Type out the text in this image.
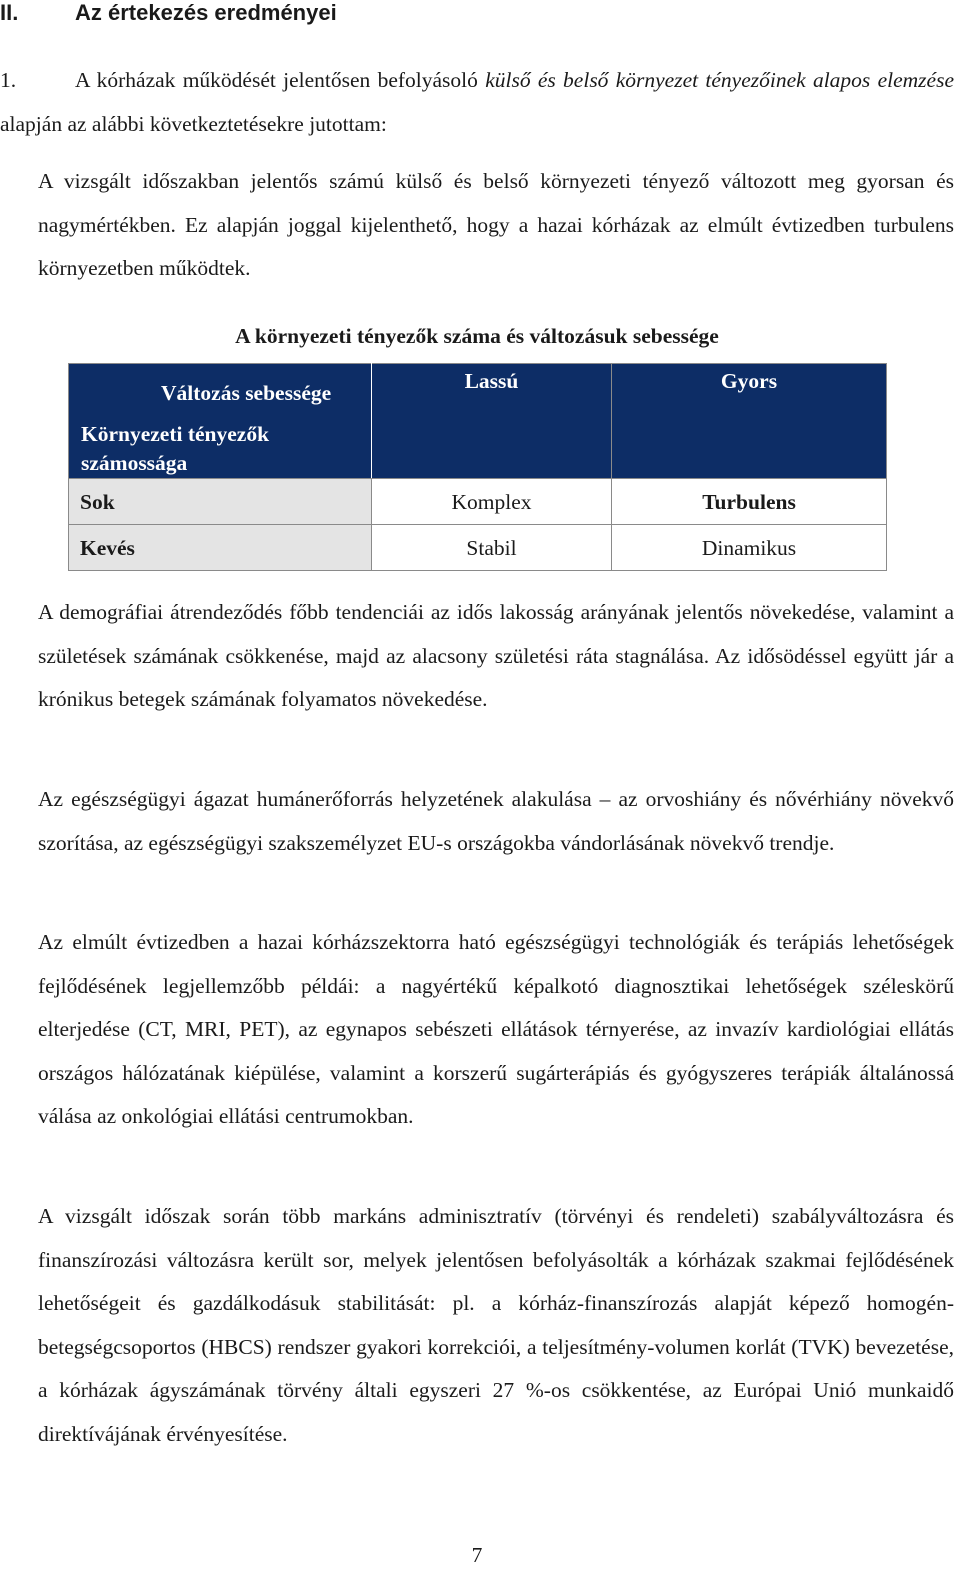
II.	Az értekezés eredményei

1.	A kórházak működését jelentősen befolyásoló külső és belső környezet tényezőinek alapos elemzése alapján az alábbi következtetésekre jutottam:

A vizsgált időszakban jelentős számú külső és belső környezeti tényező változott meg gyorsan és nagymértékben. Ez alapján joggal kijelenthető, hogy a hazai kórházak az elmúlt évtizedben turbulens környezetben működtek.

A környezeti tényezők száma és változásuk sebessége
Változás sebessége
Környezeti tényezők számossága	Lassú	Gyors
Sok	Komplex	Turbulens
Kevés	Stabil	Dinamikus

A demográfiai átrendeződés főbb tendenciái az idős lakosság arányának jelentős növekedése, valamint a születések számának csökkenése, majd az alacsony születési ráta stagnálása. Az idősödéssel együtt jár a krónikus betegek számának folyamatos növekedése.

Az egészségügyi ágazat humánerőforrás helyzetének alakulása – az orvoshiány és nővérhiány növekvő szorítása, az egészségügyi szakszemélyzet EU-s országokba vándorlásának növekvő trendje.

Az elmúlt évtizedben a hazai kórházszektorra ható egészségügyi technológiák és terápiás lehetőségek fejlődésének legjellemzőbb példái: a nagyértékű képalkotó diagnosztikai lehetőségek széleskörű elterjedése (CT, MRI, PET), az egynapos sebészeti ellátások térnyerése, az invazív kardiológiai ellátás országos hálózatának kiépülése, valamint a korszerű sugárterápiás és gyógyszeres terápiák általánossá válása az onkológiai ellátási centrumokban.

A vizsgált időszak során több markáns adminisztratív (törvényi és rendeleti) szabályváltozásra és finanszírozási változásra került sor, melyek jelentősen befolyásolták a kórházak szakmai fejlődésének lehetőségeit és gazdálkodásuk stabilitását: pl. a kórház-finanszírozás alapját képező homogén-betegségcsoportos (HBCS) rendszer gyakori korrekciói, a teljesítmény-volumen korlát (TVK) bevezetése, a kórházak ágyszámának törvény általi egyszeri 27 %-os csökkentése, az Európai Unió munkaidő direktívájának érvényesítése.

7
